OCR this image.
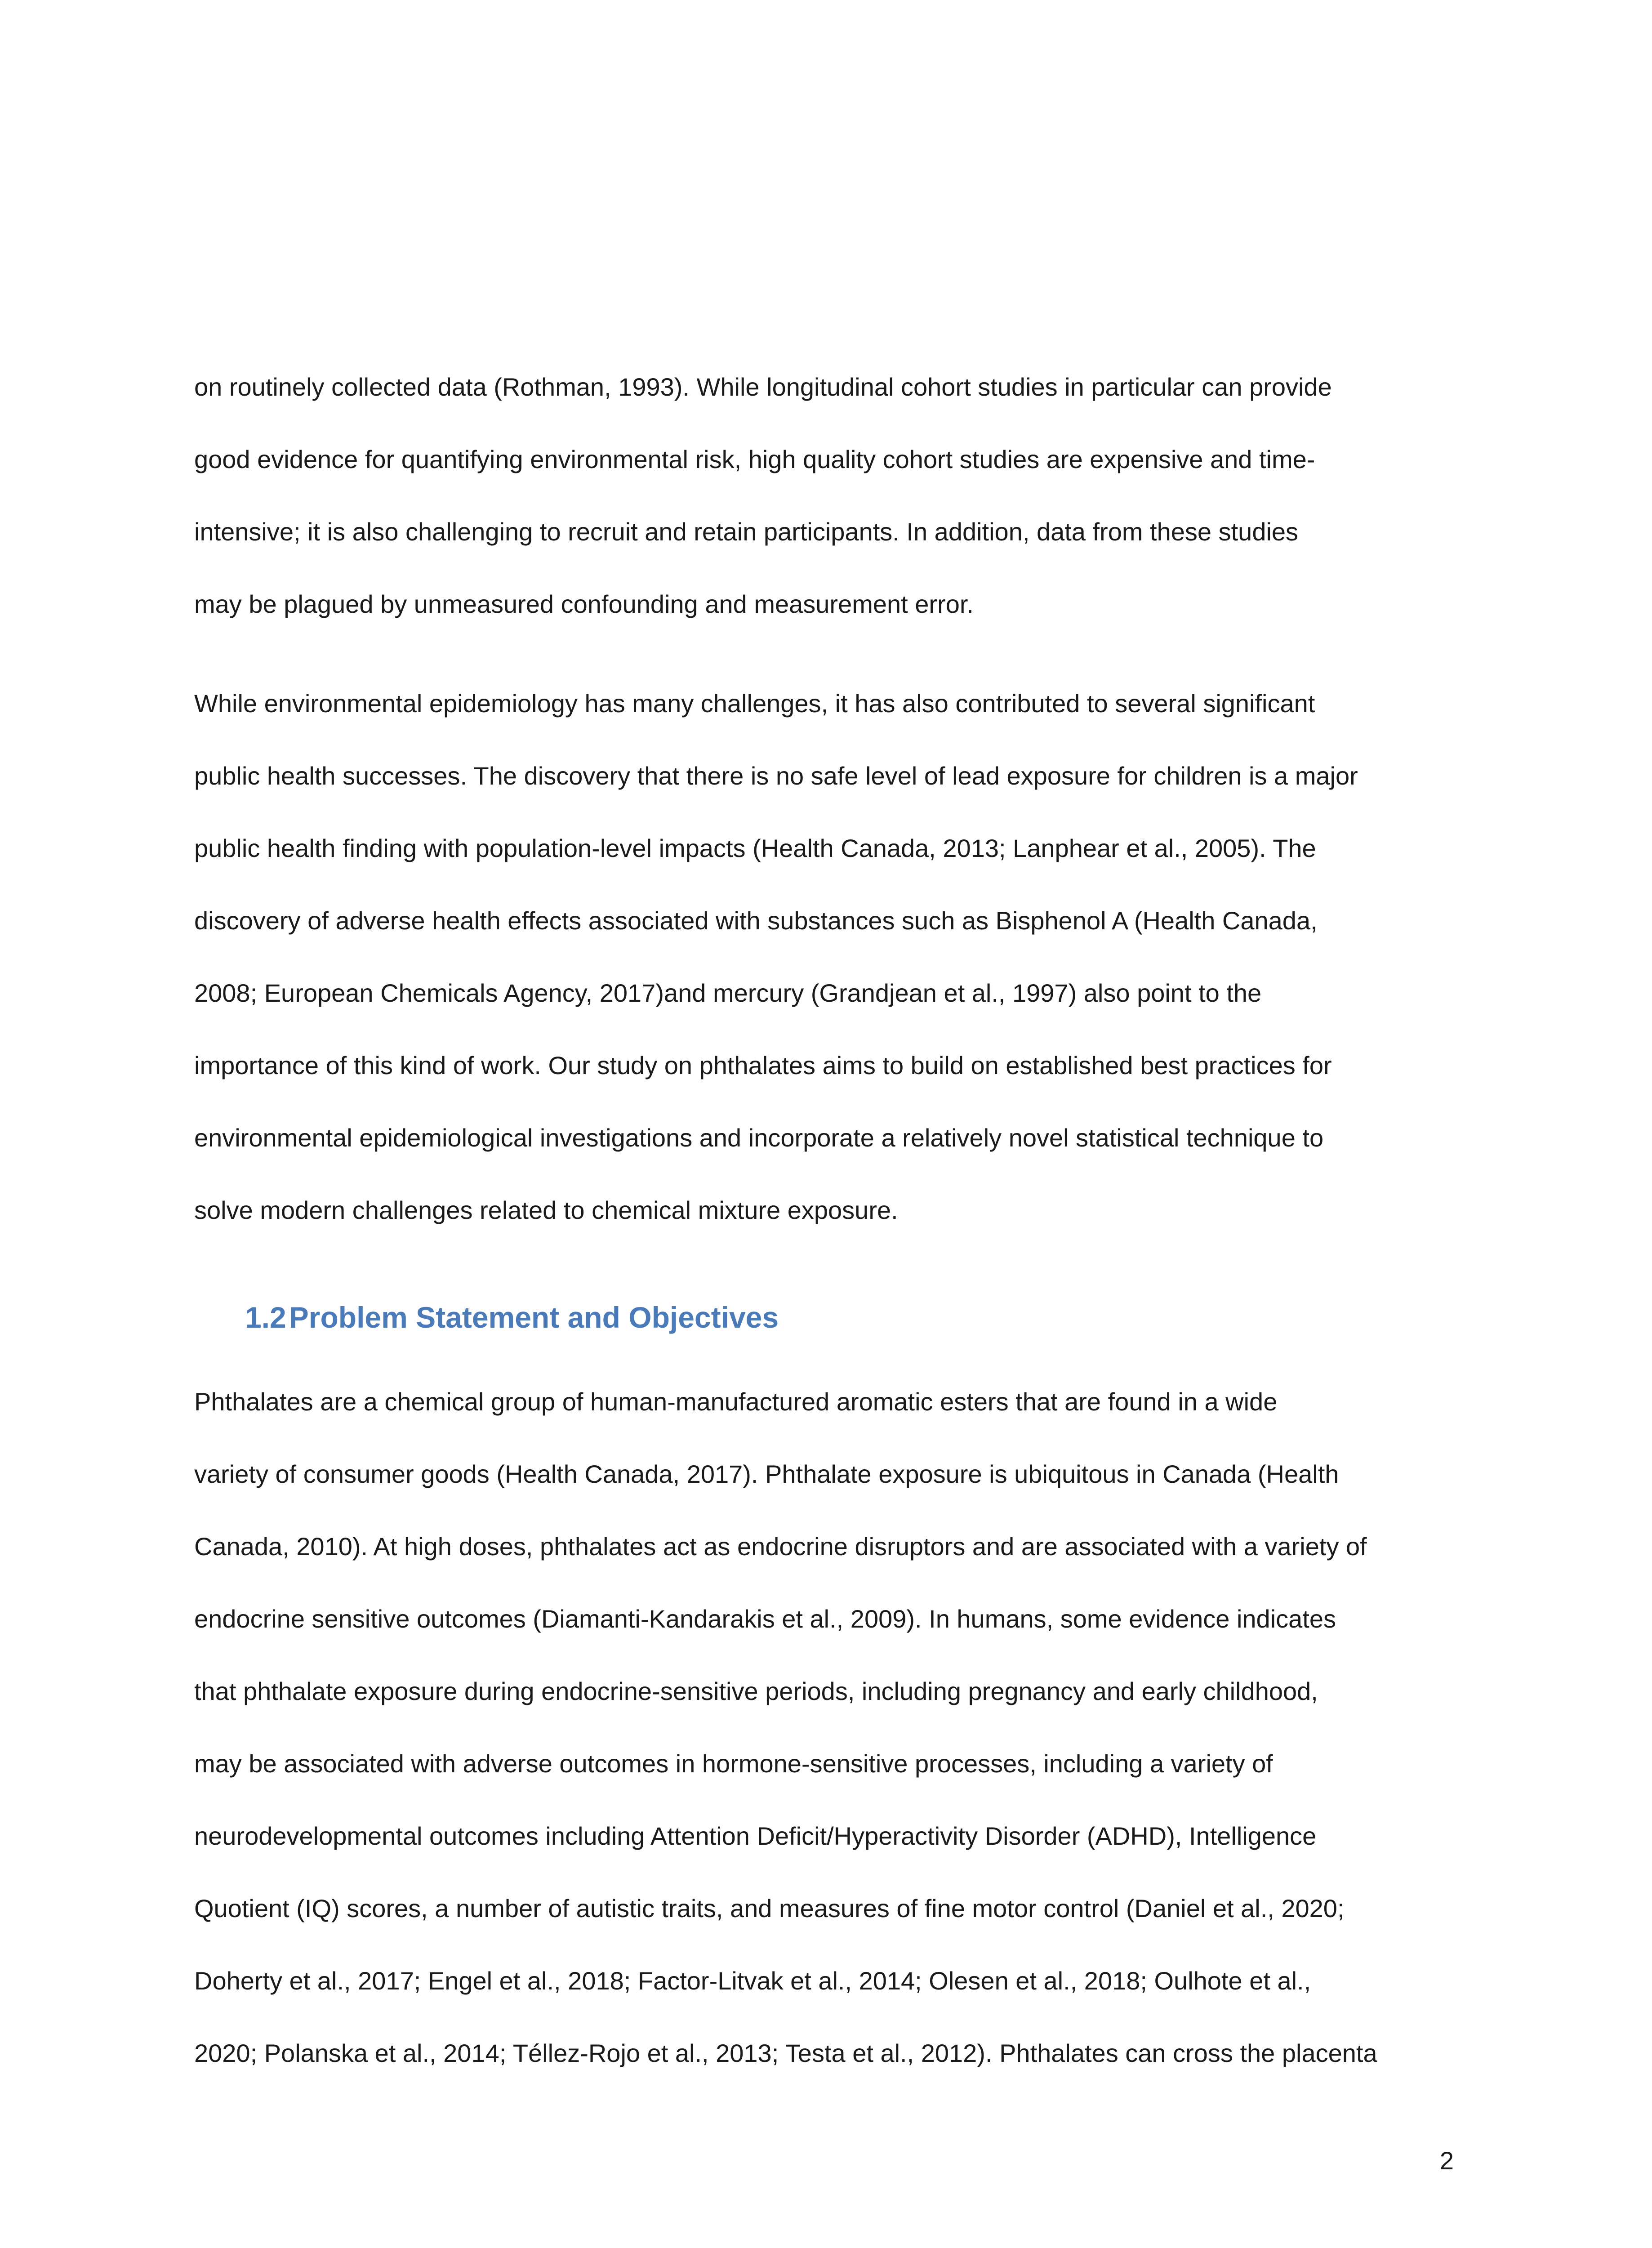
on routinely collected data (Rothman, 1993). While longitudinal cohort studies in particular can provide
good evidence for quantifying environmental risk, high quality cohort studies are expensive and time-
intensive; it is also challenging to recruit and retain participants. In addition, data from these studies
may be plagued by unmeasured confounding and measurement error.
While environmental epidemiology has many challenges, it has also contributed to several significant
public health successes. The discovery that there is no safe level of lead exposure for children is a major
public health finding with population-level impacts (Health Canada, 2013; Lanphear et al., 2005). The
discovery of adverse health effects associated with substances such as Bisphenol A (Health Canada,
2008; European Chemicals Agency, 2017)and mercury (Grandjean et al., 1997) also point to the
importance of this kind of work. Our study on phthalates aims to build on established best practices for
environmental epidemiological investigations and incorporate a relatively novel statistical technique to
solve modern challenges related to chemical mixture exposure.
1.2Problem Statement and Objectives
Phthalates are a chemical group of human-manufactured aromatic esters that are found in a wide
variety of consumer goods (Health Canada, 2017). Phthalate exposure is ubiquitous in Canada (Health
Canada, 2010). At high doses, phthalates act as endocrine disruptors and are associated with a variety of
endocrine sensitive outcomes (Diamanti-Kandarakis et al., 2009). In humans, some evidence indicates
that phthalate exposure during endocrine-sensitive periods, including pregnancy and early childhood,
may be associated with adverse outcomes in hormone-sensitive processes, including a variety of
neurodevelopmental outcomes including Attention Deficit/Hyperactivity Disorder (ADHD), Intelligence
Quotient (IQ) scores, a number of autistic traits, and measures of fine motor control (Daniel et al., 2020;
Doherty et al., 2017; Engel et al., 2018; Factor-Litvak et al., 2014; Olesen et al., 2018; Oulhote et al.,
2020; Polanska et al., 2014; Téllez-Rojo et al., 2013; Testa et al., 2012). Phthalates can cross the placenta
2
